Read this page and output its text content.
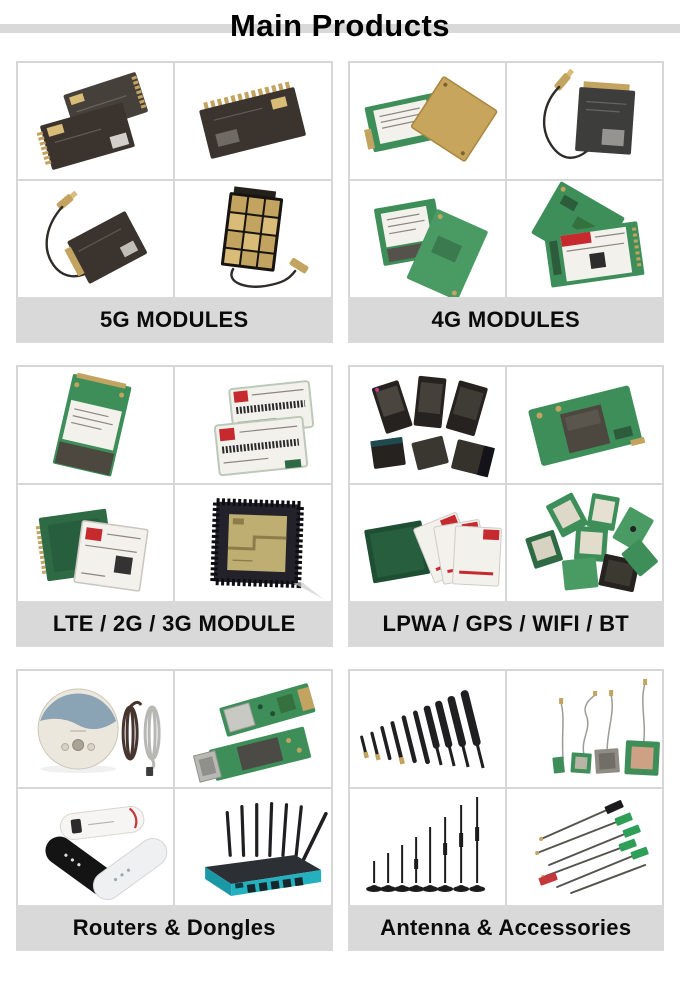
Main Products
5G MODULES	4G MODULES
LTE / 2G / 3G MODULE	LPWA / GPS / WIFI / BT
Routers & Dongles	Antenna & Accessories
